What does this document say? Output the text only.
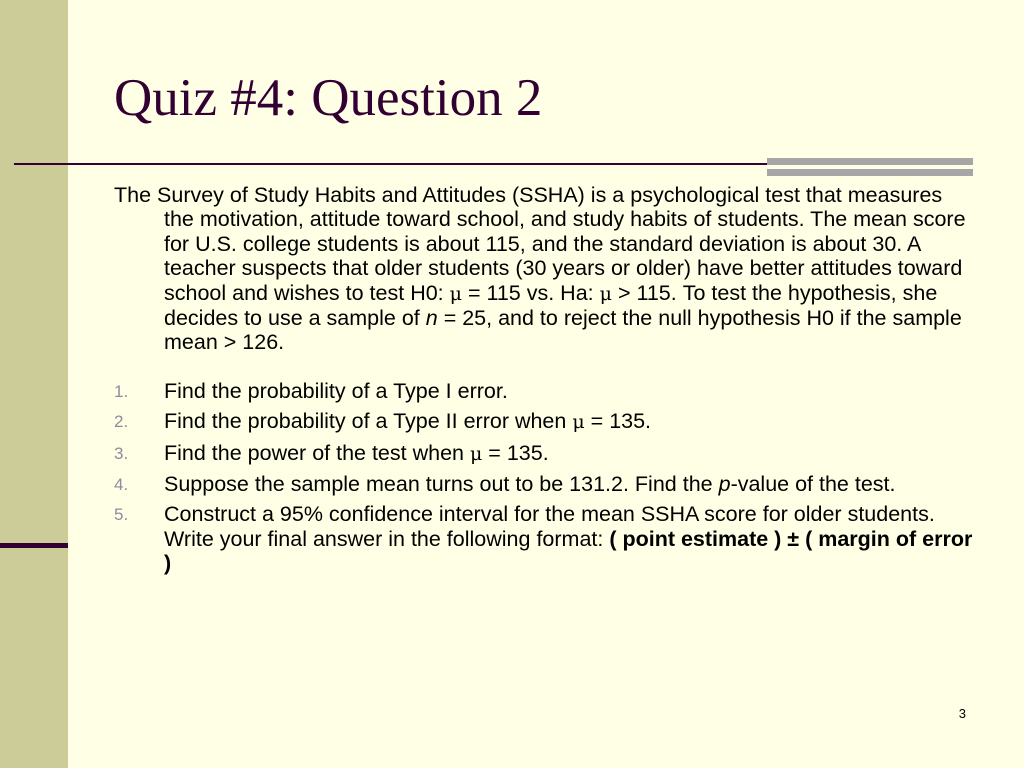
Quiz #4: Question 2

The Survey of Study Habits and Attitudes (SSHA) is a psychological test that measures the motivation, attitude toward school, and study habits of students. The mean score for U.S. college students is about 115, and the standard deviation is about 30. A teacher suspects that older students (30 years or older) have better attitudes toward school and wishes to test H0: μ = 115 vs. Ha: μ > 115. To test the hypothesis, she decides to use a sample of n = 25, and to reject the null hypothesis H0 if the sample mean > 126.

1. Find the probability of a Type I error.
2. Find the probability of a Type II error when μ = 135.
3. Find the power of the test when μ = 135.
4. Suppose the sample mean turns out to be 131.2. Find the p-value of the test.
5. Construct a 95% confidence interval for the mean SSHA score for older students. Write your final answer in the following format: ( point estimate ) ± ( margin of error )
3
